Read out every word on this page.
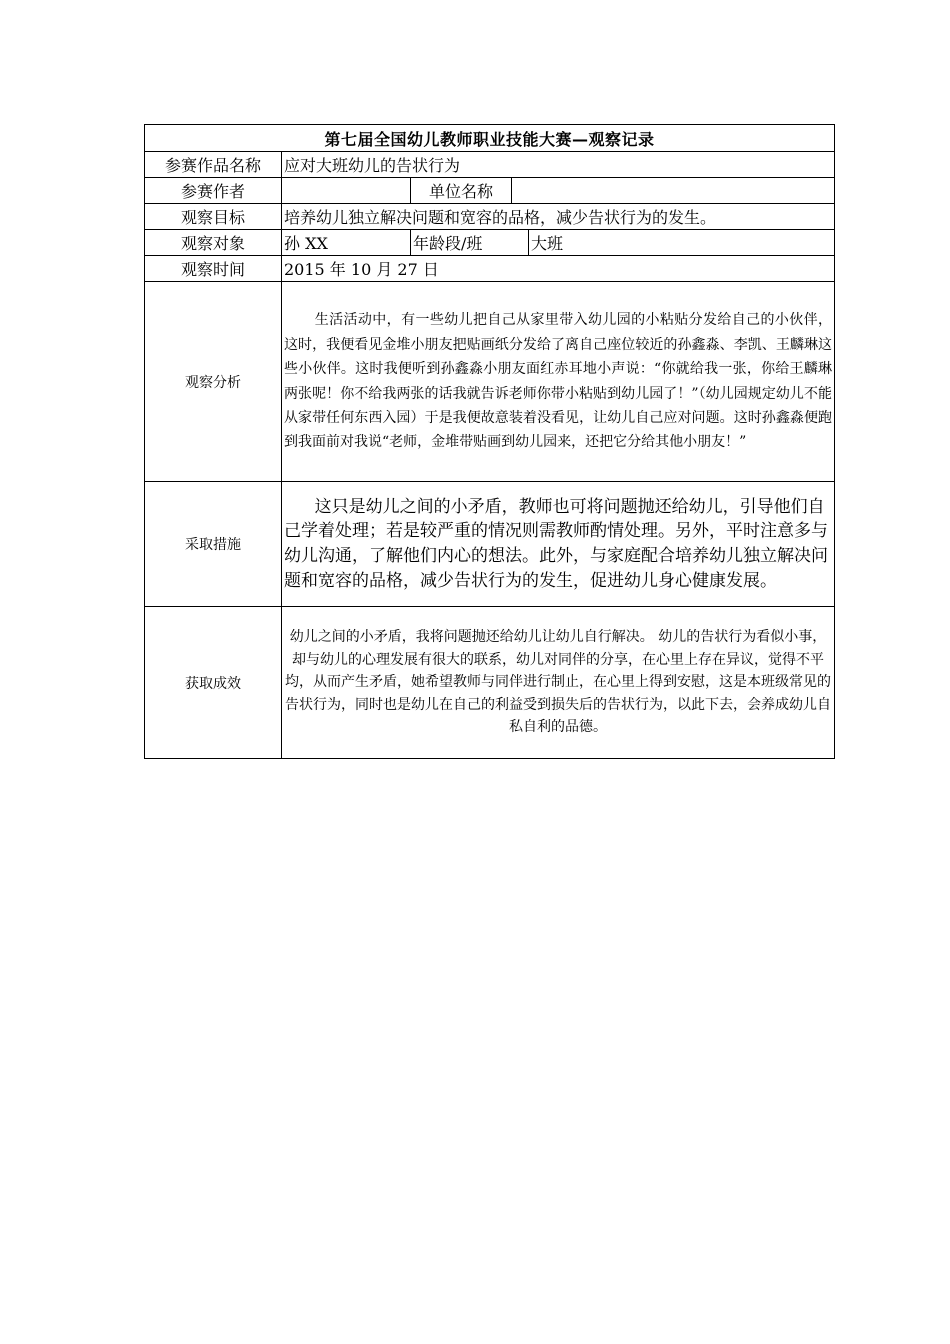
第七届全国幼儿教师职业技能大赛—观察记录				
参赛作品名称	应对大班幼儿的告状行为			
参赛作者		单位名称		
观察目标	培养幼儿独立解决问题和宽容的品格，减少告状行为的发生。			
观察对象	孙 XX	年龄段/班		大班
观察时间	2015 年 10 月 27 日			
观察分析	生活活动中，有一些幼儿把自己从家里带入幼儿园的小粘贴分发给自己的小伙伴，这时，我便看见金堆小朋友把贴画纸分发给了离自己座位较近的孙鑫淼、李凯、王麟琳这些小伙伴。这时我便听到孙鑫淼小朋友面红赤耳地小声说：“你就给我一张，你给王麟琳两张呢！你不给我两张的话我就告诉老师你带小粘贴到幼儿园了！”（幼儿园规定幼儿不能从家带任何东西入园）于是我便故意装着没看见，让幼儿自己应对问题。这时孙鑫淼便跑到我面前对我说“老师，金堆带贴画到幼儿园来，还把它分给其他小朋友！”			
采取措施	这只是幼儿之间的小矛盾，教师也可将问题抛还给幼儿，引导他们自己学着处理；若是较严重的情况则需教师酌情处理。另外，平时注意多与幼儿沟通，了解他们内心的想法。此外，与家庭配合培养幼儿独立解决问题和宽容的品格，减少告状行为的发生，促进幼儿身心健康发展。			
获取成效	幼儿之间的小矛盾，我将问题抛还给幼儿让幼儿自行解决。 幼儿的告状行为看似小事，却与幼儿的心理发展有很大的联系，幼儿对同伴的分享，在心里上存在异议，觉得不平均，从而产生矛盾，她希望教师与同伴进行制止，在心里上得到安慰，这是本班级常见的告状行为，同时也是幼儿在自己的利益受到损失后的告状行为，以此下去，会养成幼儿自私自利的品德。			
